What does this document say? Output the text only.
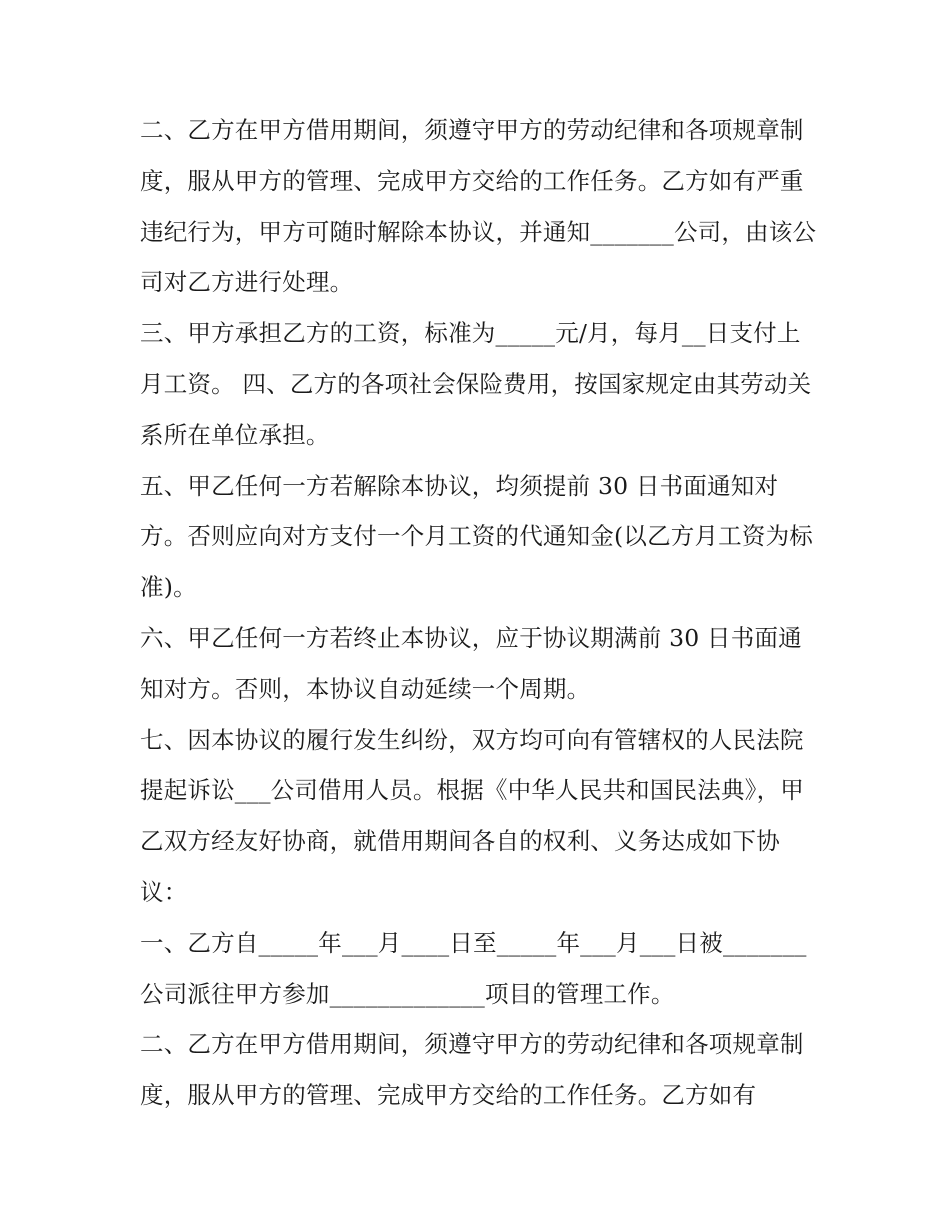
二、乙方在甲方借用期间，须遵守甲方的劳动纪律和各项规章制度，服从甲方的管理、完成甲方交给的工作任务。乙方如有严重违纪行为，甲方可随时解除本协议，并通知_______公司，由该公司对乙方进行处理。

三、甲方承担乙方的工资，标准为_____元/月，每月__日支付上月工资。 四、乙方的各项社会保险费用，按国家规定由其劳动关系所在单位承担。

五、甲乙任何一方若解除本协议，均须提前 30 日书面通知对方。否则应向对方支付一个月工资的代通知金(以乙方月工资为标准)。

六、甲乙任何一方若终止本协议，应于协议期满前 30 日书面通知对方。否则，本协议自动延续一个周期。

七、因本协议的履行发生纠纷，双方均可向有管辖权的人民法院提起诉讼___公司借用人员。根据《中华人民共和国民法典》，甲乙双方经友好协商，就借用期间各自的权利、义务达成如下协议：

一、乙方自_____年___月____日至_____年___月___日被_______公司派往甲方参加_____________项目的管理工作。

二、乙方在甲方借用期间，须遵守甲方的劳动纪律和各项规章制度，服从甲方的管理、完成甲方交给的工作任务。乙方如有
